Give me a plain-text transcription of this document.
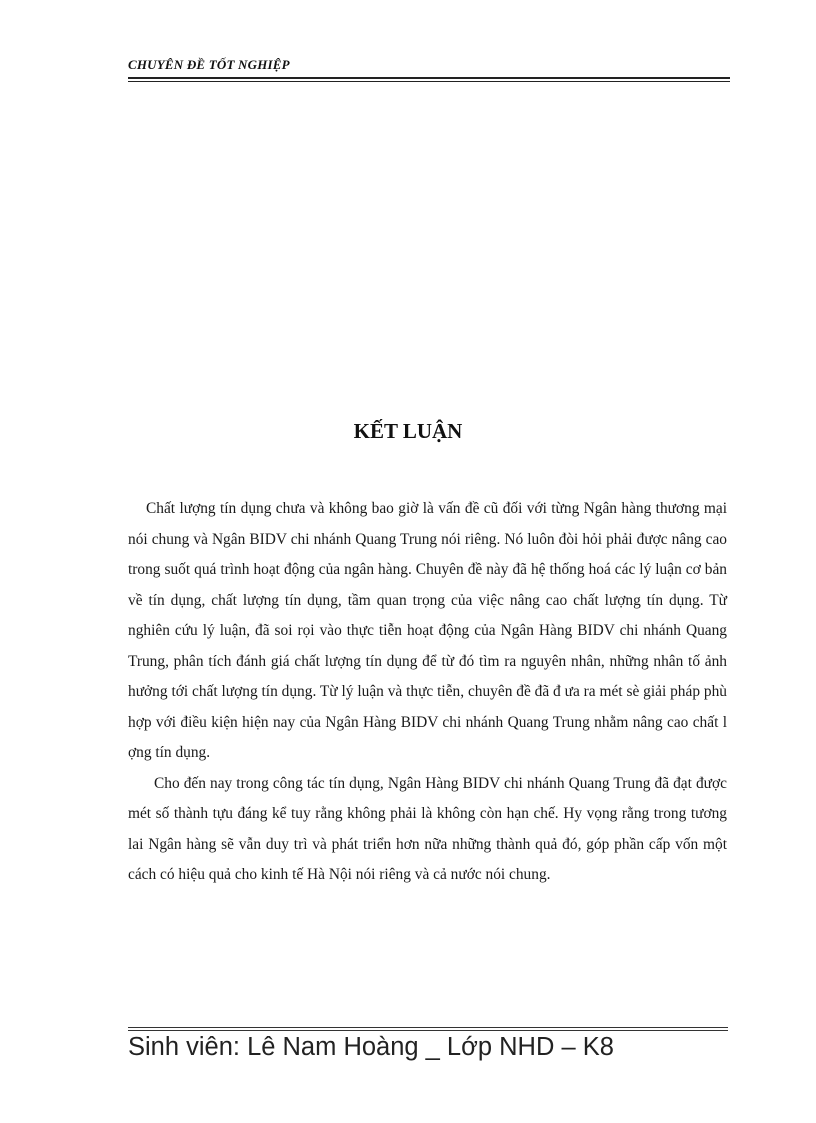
CHUYÊN ĐỀ TỐT NGHIỆP
KẾT LUẬN

Chất lượng tín dụng chưa và không bao giờ là vấn đề cũ đối với từng Ngân hàng thương mại nói chung và Ngân BIDV chi nhánh Quang Trung nói riêng. Nó luôn đòi hỏi phải được nâng cao trong suốt quá trình hoạt động của ngân hàng. Chuyên đề này đã hệ thống hoá các lý luận cơ bản về tín dụng, chất lượng tín dụng, tầm quan trọng của việc nâng cao chất lượng tín dụng. Từ nghiên cứu lý luận, đã soi rọi vào thực tiễn hoạt động của Ngân Hàng BIDV chi nhánh Quang Trung, phân tích đánh giá chất lượng tín dụng để từ đó tìm ra nguyên nhân, những nhân tố ảnh hưởng tới chất lượng tín dụng. Từ lý luận và thực tiễn, chuyên đề đã đ ưa ra mét sè giải pháp phù hợp với điều kiện hiện nay của Ngân Hàng BIDV chi nhánh Quang Trung nhằm nâng cao chất l ợng tín dụng.

Cho đến nay trong công tác tín dụng, Ngân Hàng BIDV chi nhánh Quang Trung đã đạt được mét số thành tựu đáng kể tuy rằng không phải là không còn hạn chế. Hy vọng rằng trong tương lai Ngân hàng sẽ vẫn duy trì và phát triển hơn nữa những thành quả đó, góp phần cấp vốn một cách có hiệu quả cho kinh tế Hà Nội nói riêng và cả nước nói chung.

Sinh viên: Lê Nam Hoàng _ Lớp NHD – K8
